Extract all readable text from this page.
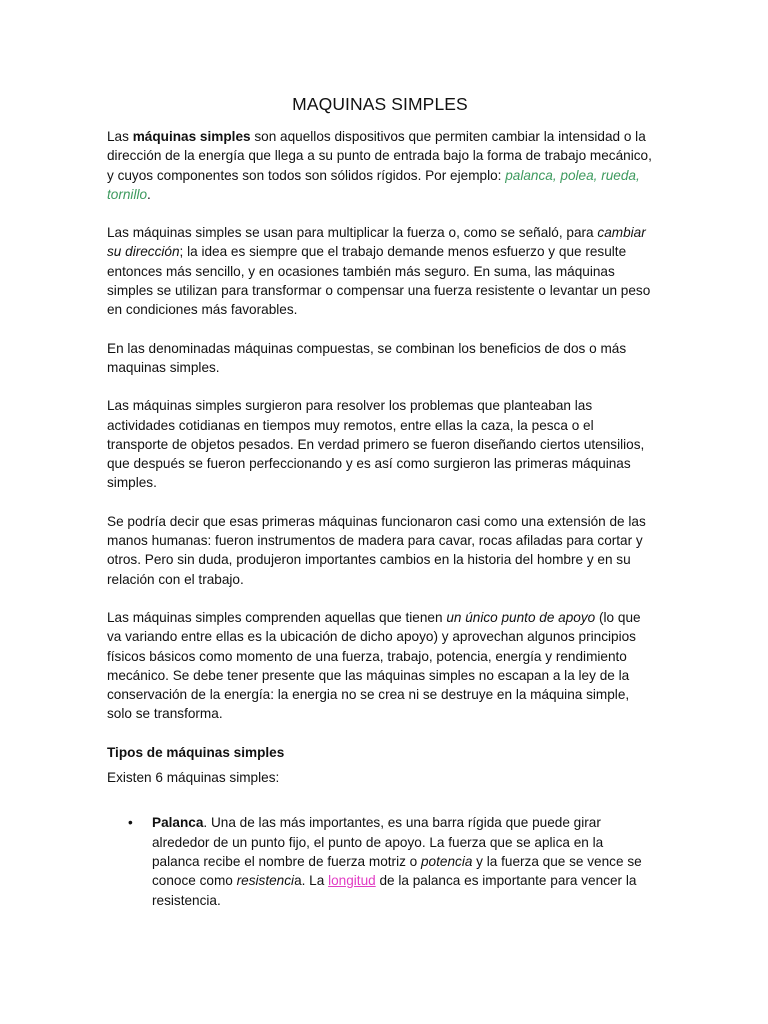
MAQUINAS SIMPLES

Las máquinas simples son aquellos dispositivos que permiten cambiar la intensidad o la dirección de la energía que llega a su punto de entrada bajo la forma de trabajo mecánico, y cuyos componentes son todos son sólidos rígidos. Por ejemplo: palanca, polea, rueda, tornillo.

Las máquinas simples se usan para multiplicar la fuerza o, como se señaló, para cambiar su dirección; la idea es siempre que el trabajo demande menos esfuerzo y que resulte entonces más sencillo, y en ocasiones también más seguro. En suma, las máquinas simples se utilizan para transformar o compensar una fuerza resistente o levantar un peso en condiciones más favorables.

En las denominadas máquinas compuestas, se combinan los beneficios de dos o más maquinas simples.

Las máquinas simples surgieron para resolver los problemas que planteaban las actividades cotidianas en tiempos muy remotos, entre ellas la caza, la pesca o el transporte de objetos pesados. En verdad primero se fueron diseñando ciertos utensilios, que después se fueron perfeccionando y es así como surgieron las primeras máquinas simples.

Se podría decir que esas primeras máquinas funcionaron casi como una extensión de las manos humanas: fueron instrumentos de madera para cavar, rocas afiladas para cortar y otros. Pero sin duda, produjeron importantes cambios en la historia del hombre y en su relación con el trabajo.

Las máquinas simples comprenden aquellas que tienen un único punto de apoyo (lo que va variando entre ellas es la ubicación de dicho apoyo) y aprovechan algunos principios físicos básicos como momento de una fuerza, trabajo, potencia, energía y rendimiento mecánico. Se debe tener presente que las máquinas simples no escapan a la ley de la conservación de la energía: la energia no se crea ni se destruye en la máquina simple, solo se transforma.

Tipos de máquinas simples

Existen 6 máquinas simples:

• Palanca. Una de las más importantes, es una barra rígida que puede girar alrededor de un punto fijo, el punto de apoyo. La fuerza que se aplica en la palanca recibe el nombre de fuerza motriz o potencia y la fuerza que se vence se conoce como resistencia. La longitud de la palanca es importante para vencer la resistencia.
